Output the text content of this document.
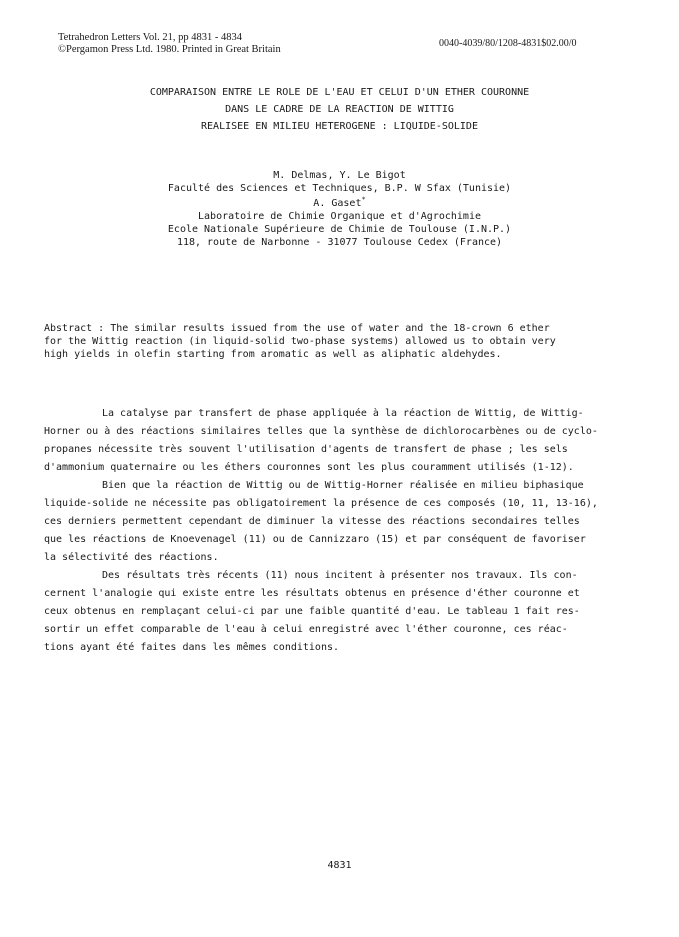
Tetrahedron Letters Vol. 21, pp 4831 - 4834
©Pergamon Press Ltd. 1980. Printed in Great Britain
0040-4039/80/1208-4831$02.00/0
COMPARAISON ENTRE LE ROLE DE L'EAU ET CELUI D'UN ETHER COURONNE
DANS LE CADRE DE LA REACTION DE WITTIG
REALISEE EN MILIEU HETEROGENE : LIQUIDE-SOLIDE
M. Delmas, Y. Le Bigot
Faculté des Sciences et Techniques, B.P. W Sfax (Tunisie)
A. Gaset*
Laboratoire de Chimie Organique et d'Agrochimie
Ecole Nationale Supérieure de Chimie de Toulouse (I.N.P.)
118, route de Narbonne - 31077 Toulouse Cedex (France)
Abstract : The similar results issued from the use of water and the 18-crown 6 ether
for the Wittig reaction (in liquid-solid two-phase systems) allowed us to obtain very
high yields in olefin starting from aromatic as well as aliphatic aldehydes.
La catalyse par transfert de phase appliquée à la réaction de Wittig, de Wittig-
Horner ou à des réactions similaires telles que la synthèse de dichlorocarbènes ou de cyclo-
propanes nécessite très souvent l'utilisation d'agents de transfert de phase ; les sels
d'ammonium quaternaire ou les éthers couronnes sont les plus couramment utilisés (1-12).
Bien que la réaction de Wittig ou de Wittig-Horner réalisée en milieu biphasique
liquide-solide ne nécessite pas obligatoirement la présence de ces composés (10, 11, 13-16),
ces derniers permettent cependant de diminuer la vitesse des réactions secondaires telles
que les réactions de Knoevenagel (11) ou de Cannizzaro (15) et par conséquent de favoriser
la sélectivité des réactions.
Des résultats très récents (11) nous incitent à présenter nos travaux. Ils con-
cernent l'analogie qui existe entre les résultats obtenus en présence d'éther couronne et
ceux obtenus en remplaçant celui-ci par une faible quantité d'eau. Le tableau 1 fait res-
sortir un effet comparable de l'eau à celui enregistré avec l'éther couronne, ces réac-
tions ayant été faites dans les mêmes conditions.
4831
